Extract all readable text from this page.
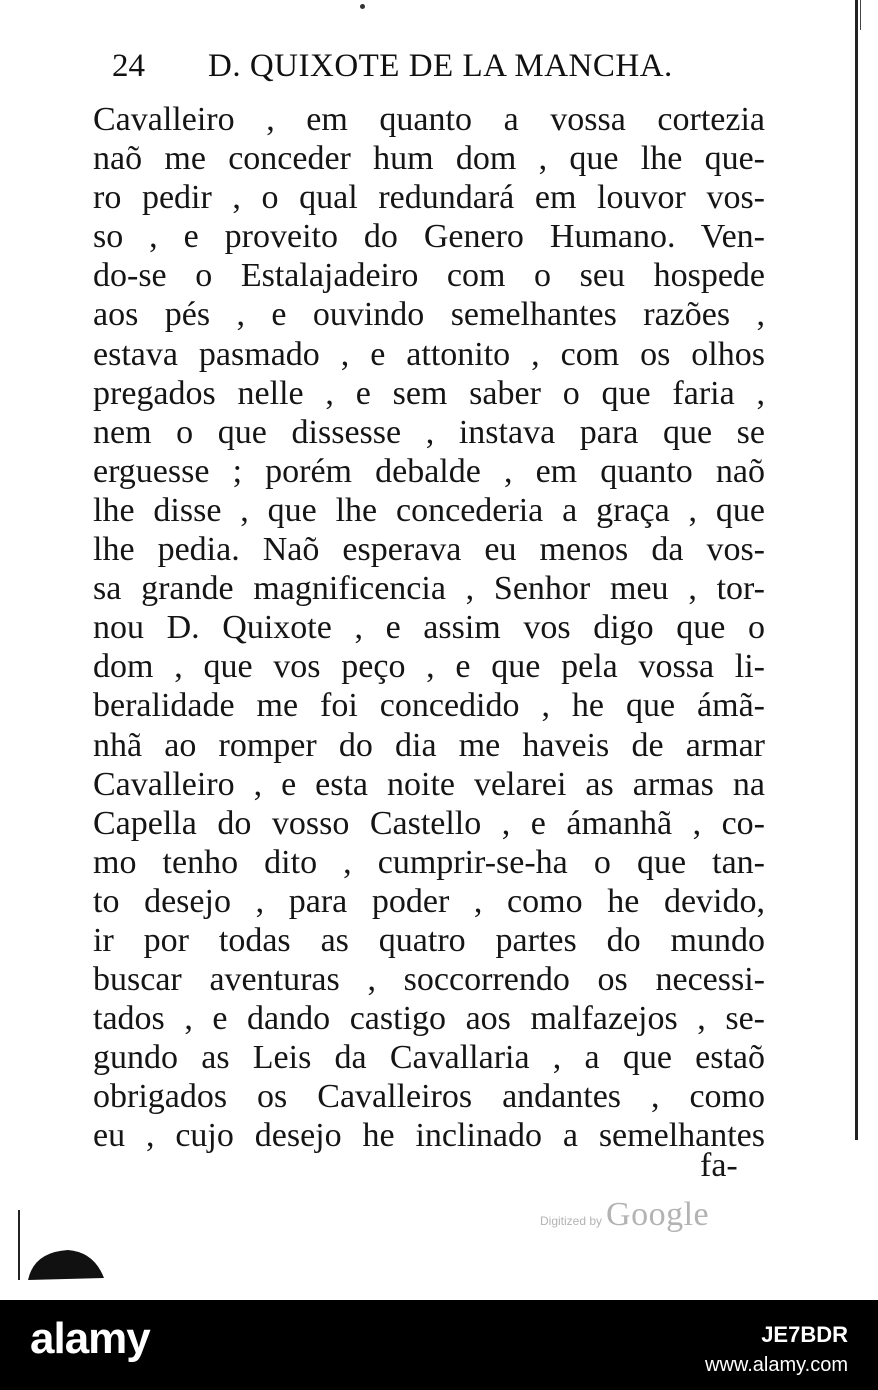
24 D. QUIXOTE DE LA MANCHA.
Cavalleiro , em quanto a vossa cortezia
naõ me conceder hum dom , que lhe que-
ro pedir , o qual redundará em louvor vos-
so , e proveito do Genero Humano. Ven-
do-se o Estalajadeiro com o seu hospede
aos pés , e ouvindo semelhantes razões ,
estava pasmado , e attonito , com os olhos
pregados nelle , e sem saber o que faria ,
nem o que dissesse , instava para que se
erguesse ; porém debalde , em quanto naõ
lhe disse , que lhe concederia a graça , que
lhe pedia. Naõ esperava eu menos da vos-
sa grande magnificencia , Senhor meu , tor-
nou D. Quixote , e assim vos digo que o
dom , que vos peço , e que pela vossa li-
beralidade me foi concedido , he que ámã-
nhã ao romper do dia me haveis de armar
Cavalleiro , e esta noite velarei as armas na
Capella do vosso Castello , e ámanhã , co-
mo tenho dito , cumprir-se-ha o que tan-
to desejo , para poder , como he devido,
ir por todas as quatro partes do mundo
buscar aventuras , soccorrendo os necessi-
tados , e dando castigo aos malfazejos , se-
gundo as Leis da Cavallaria , a que estaõ
obrigados os Cavalleiros andantes , como
eu , cujo desejo he inclinado a semelhantes
fa-
Digitized by Google
alamy	JE7BDR
www.alamy.com
